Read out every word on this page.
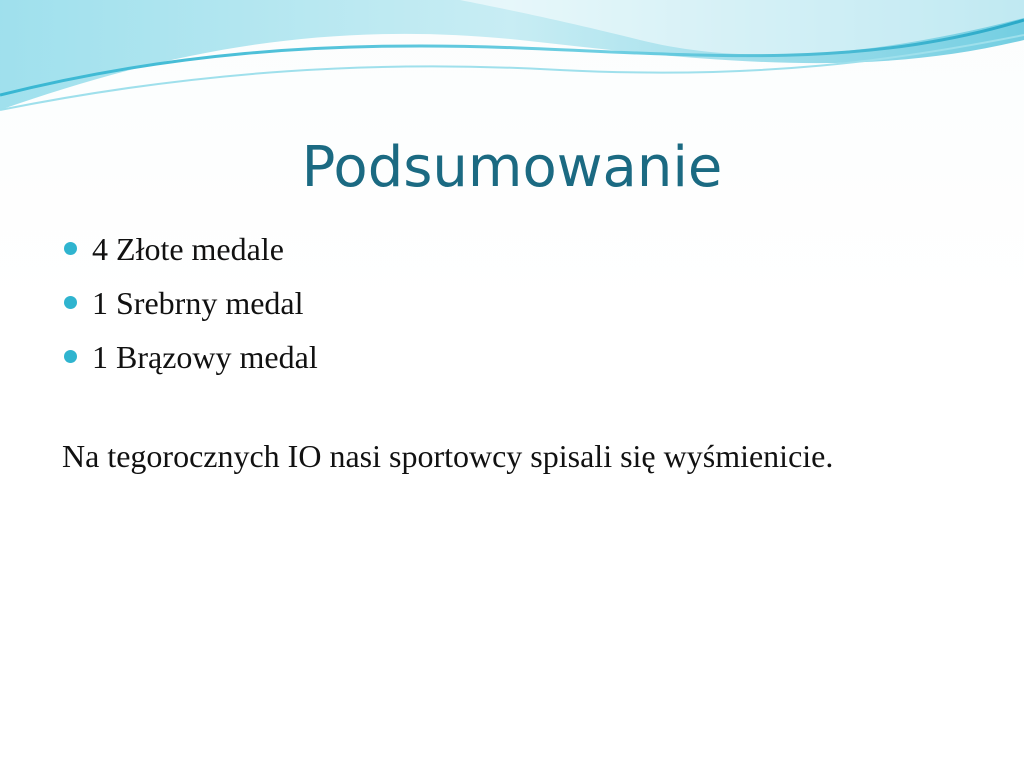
Podsumowanie
4 Złote medale
1 Srebrny medal
1 Brązowy medal

Na tegorocznych IO nasi sportowcy spisali się wyśmienicie.
